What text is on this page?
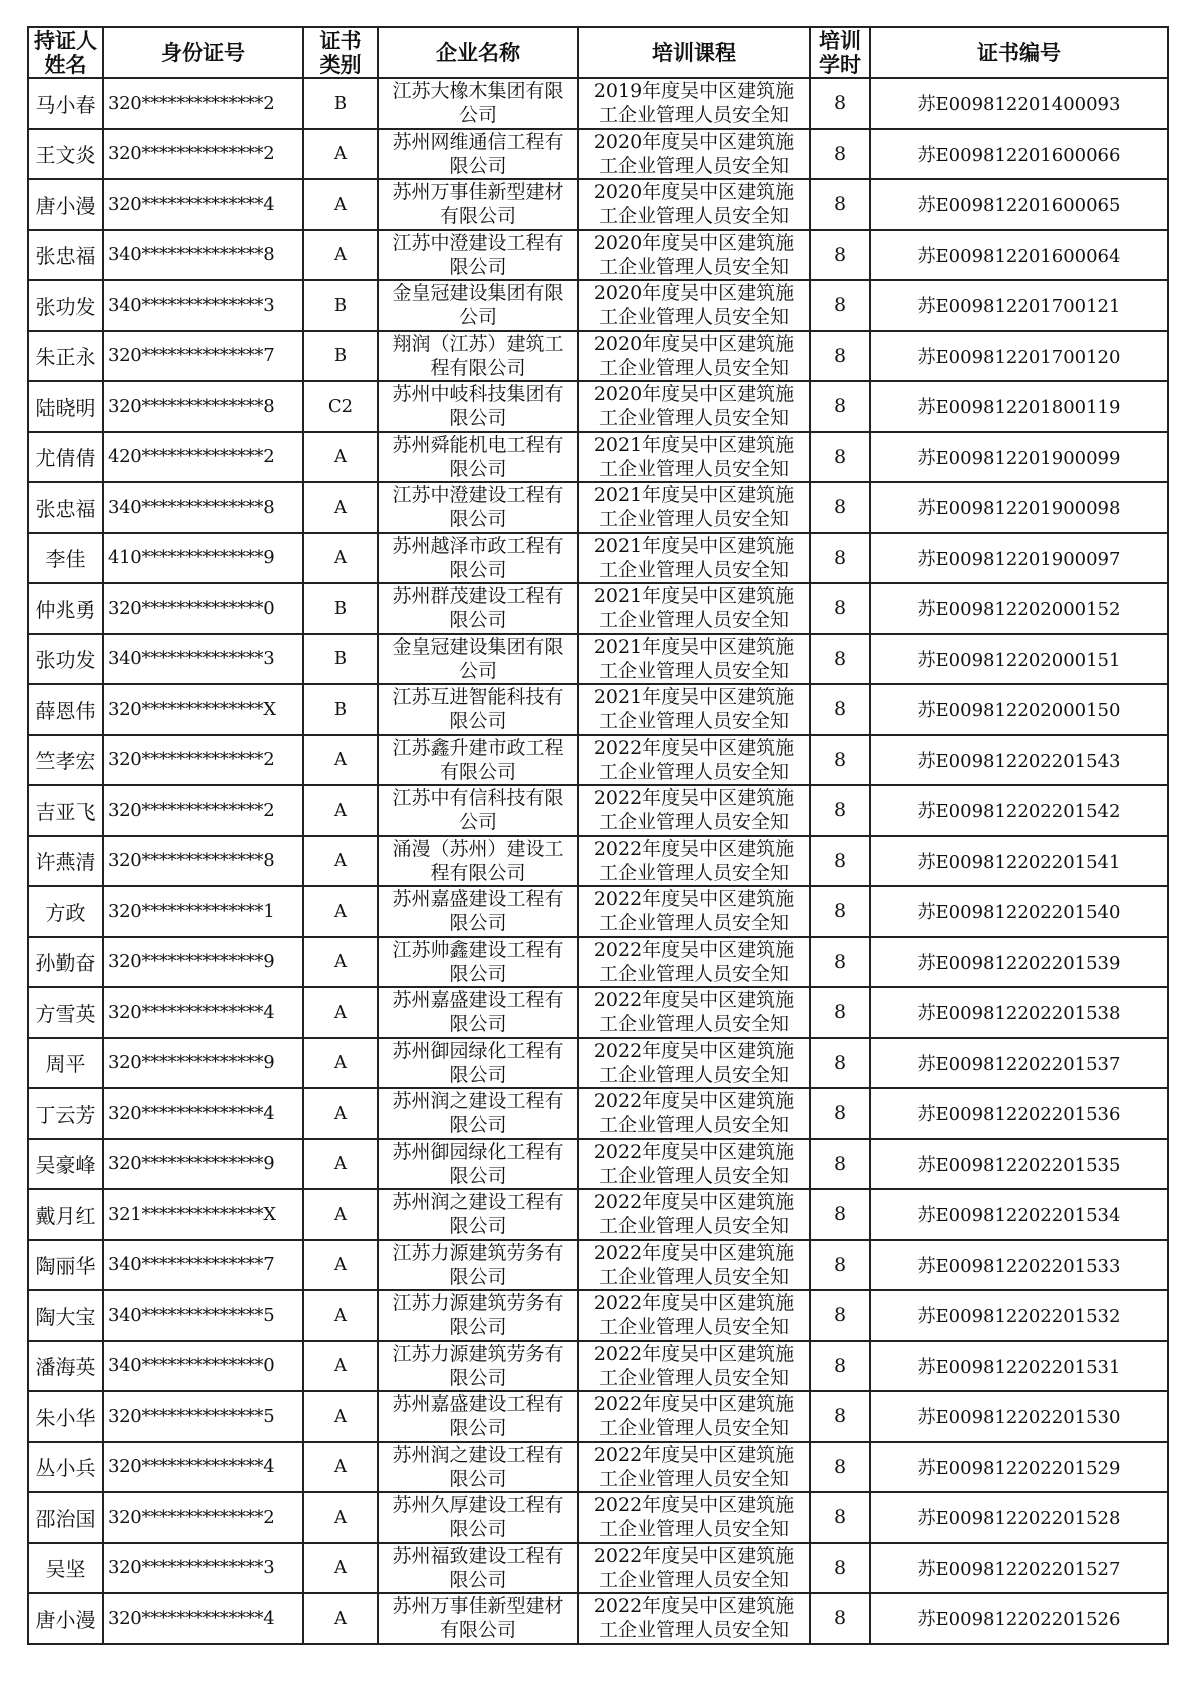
持证人姓名	身份证号	证书类别	企业名称	培训课程	培训学时	证书编号
马小春	320**************2	B	江苏大橡木集团有限公司	2019年度吴中区建筑施工企业管理人员安全知	8	苏E009812201400093
王文炎	320**************2	A	苏州网维通信工程有限公司	2020年度吴中区建筑施工企业管理人员安全知	8	苏E009812201600066
唐小漫	320**************4	A	苏州万事佳新型建材有限公司	2020年度吴中区建筑施工企业管理人员安全知	8	苏E009812201600065
张忠福	340**************8	A	江苏中澄建设工程有限公司	2020年度吴中区建筑施工企业管理人员安全知	8	苏E009812201600064
张功发	340**************3	B	金皇冠建设集团有限公司	2020年度吴中区建筑施工企业管理人员安全知	8	苏E009812201700121
朱正永	320**************7	B	翔润（江苏）建筑工程有限公司	2020年度吴中区建筑施工企业管理人员安全知	8	苏E009812201700120
陆晓明	320**************8	C2	苏州中岐科技集团有限公司	2020年度吴中区建筑施工企业管理人员安全知	8	苏E009812201800119
尤倩倩	420**************2	A	苏州舜能机电工程有限公司	2021年度吴中区建筑施工企业管理人员安全知	8	苏E009812201900099
张忠福	340**************8	A	江苏中澄建设工程有限公司	2021年度吴中区建筑施工企业管理人员安全知	8	苏E009812201900098
李佳	410**************9	A	苏州越泽市政工程有限公司	2021年度吴中区建筑施工企业管理人员安全知	8	苏E009812201900097
仲兆勇	320**************0	B	苏州群茂建设工程有限公司	2021年度吴中区建筑施工企业管理人员安全知	8	苏E009812202000152
张功发	340**************3	B	金皇冠建设集团有限公司	2021年度吴中区建筑施工企业管理人员安全知	8	苏E009812202000151
薛恩伟	320**************X	B	江苏互进智能科技有限公司	2021年度吴中区建筑施工企业管理人员安全知	8	苏E009812202000150
竺孝宏	320**************2	A	江苏鑫升建市政工程有限公司	2022年度吴中区建筑施工企业管理人员安全知	8	苏E009812202201543
吉亚飞	320**************2	A	江苏中有信科技有限公司	2022年度吴中区建筑施工企业管理人员安全知	8	苏E009812202201542
许燕清	320**************8	A	涌漫（苏州）建设工程有限公司	2022年度吴中区建筑施工企业管理人员安全知	8	苏E009812202201541
方政	320**************1	A	苏州嘉盛建设工程有限公司	2022年度吴中区建筑施工企业管理人员安全知	8	苏E009812202201540
孙勤奋	320**************9	A	江苏帅鑫建设工程有限公司	2022年度吴中区建筑施工企业管理人员安全知	8	苏E009812202201539
方雪英	320**************4	A	苏州嘉盛建设工程有限公司	2022年度吴中区建筑施工企业管理人员安全知	8	苏E009812202201538
周平	320**************9	A	苏州御园绿化工程有限公司	2022年度吴中区建筑施工企业管理人员安全知	8	苏E009812202201537
丁云芳	320**************4	A	苏州润之建设工程有限公司	2022年度吴中区建筑施工企业管理人员安全知	8	苏E009812202201536
吴豪峰	320**************9	A	苏州御园绿化工程有限公司	2022年度吴中区建筑施工企业管理人员安全知	8	苏E009812202201535
戴月红	321**************X	A	苏州润之建设工程有限公司	2022年度吴中区建筑施工企业管理人员安全知	8	苏E009812202201534
陶丽华	340**************7	A	江苏力源建筑劳务有限公司	2022年度吴中区建筑施工企业管理人员安全知	8	苏E009812202201533
陶大宝	340**************5	A	江苏力源建筑劳务有限公司	2022年度吴中区建筑施工企业管理人员安全知	8	苏E009812202201532
潘海英	340**************0	A	江苏力源建筑劳务有限公司	2022年度吴中区建筑施工企业管理人员安全知	8	苏E009812202201531
朱小华	320**************5	A	苏州嘉盛建设工程有限公司	2022年度吴中区建筑施工企业管理人员安全知	8	苏E009812202201530
丛小兵	320**************4	A	苏州润之建设工程有限公司	2022年度吴中区建筑施工企业管理人员安全知	8	苏E009812202201529
邵治国	320**************2	A	苏州久厚建设工程有限公司	2022年度吴中区建筑施工企业管理人员安全知	8	苏E009812202201528
吴坚	320**************3	A	苏州福致建设工程有限公司	2022年度吴中区建筑施工企业管理人员安全知	8	苏E009812202201527
唐小漫	320**************4	A	苏州万事佳新型建材有限公司	2022年度吴中区建筑施工企业管理人员安全知	8	苏E009812202201526
